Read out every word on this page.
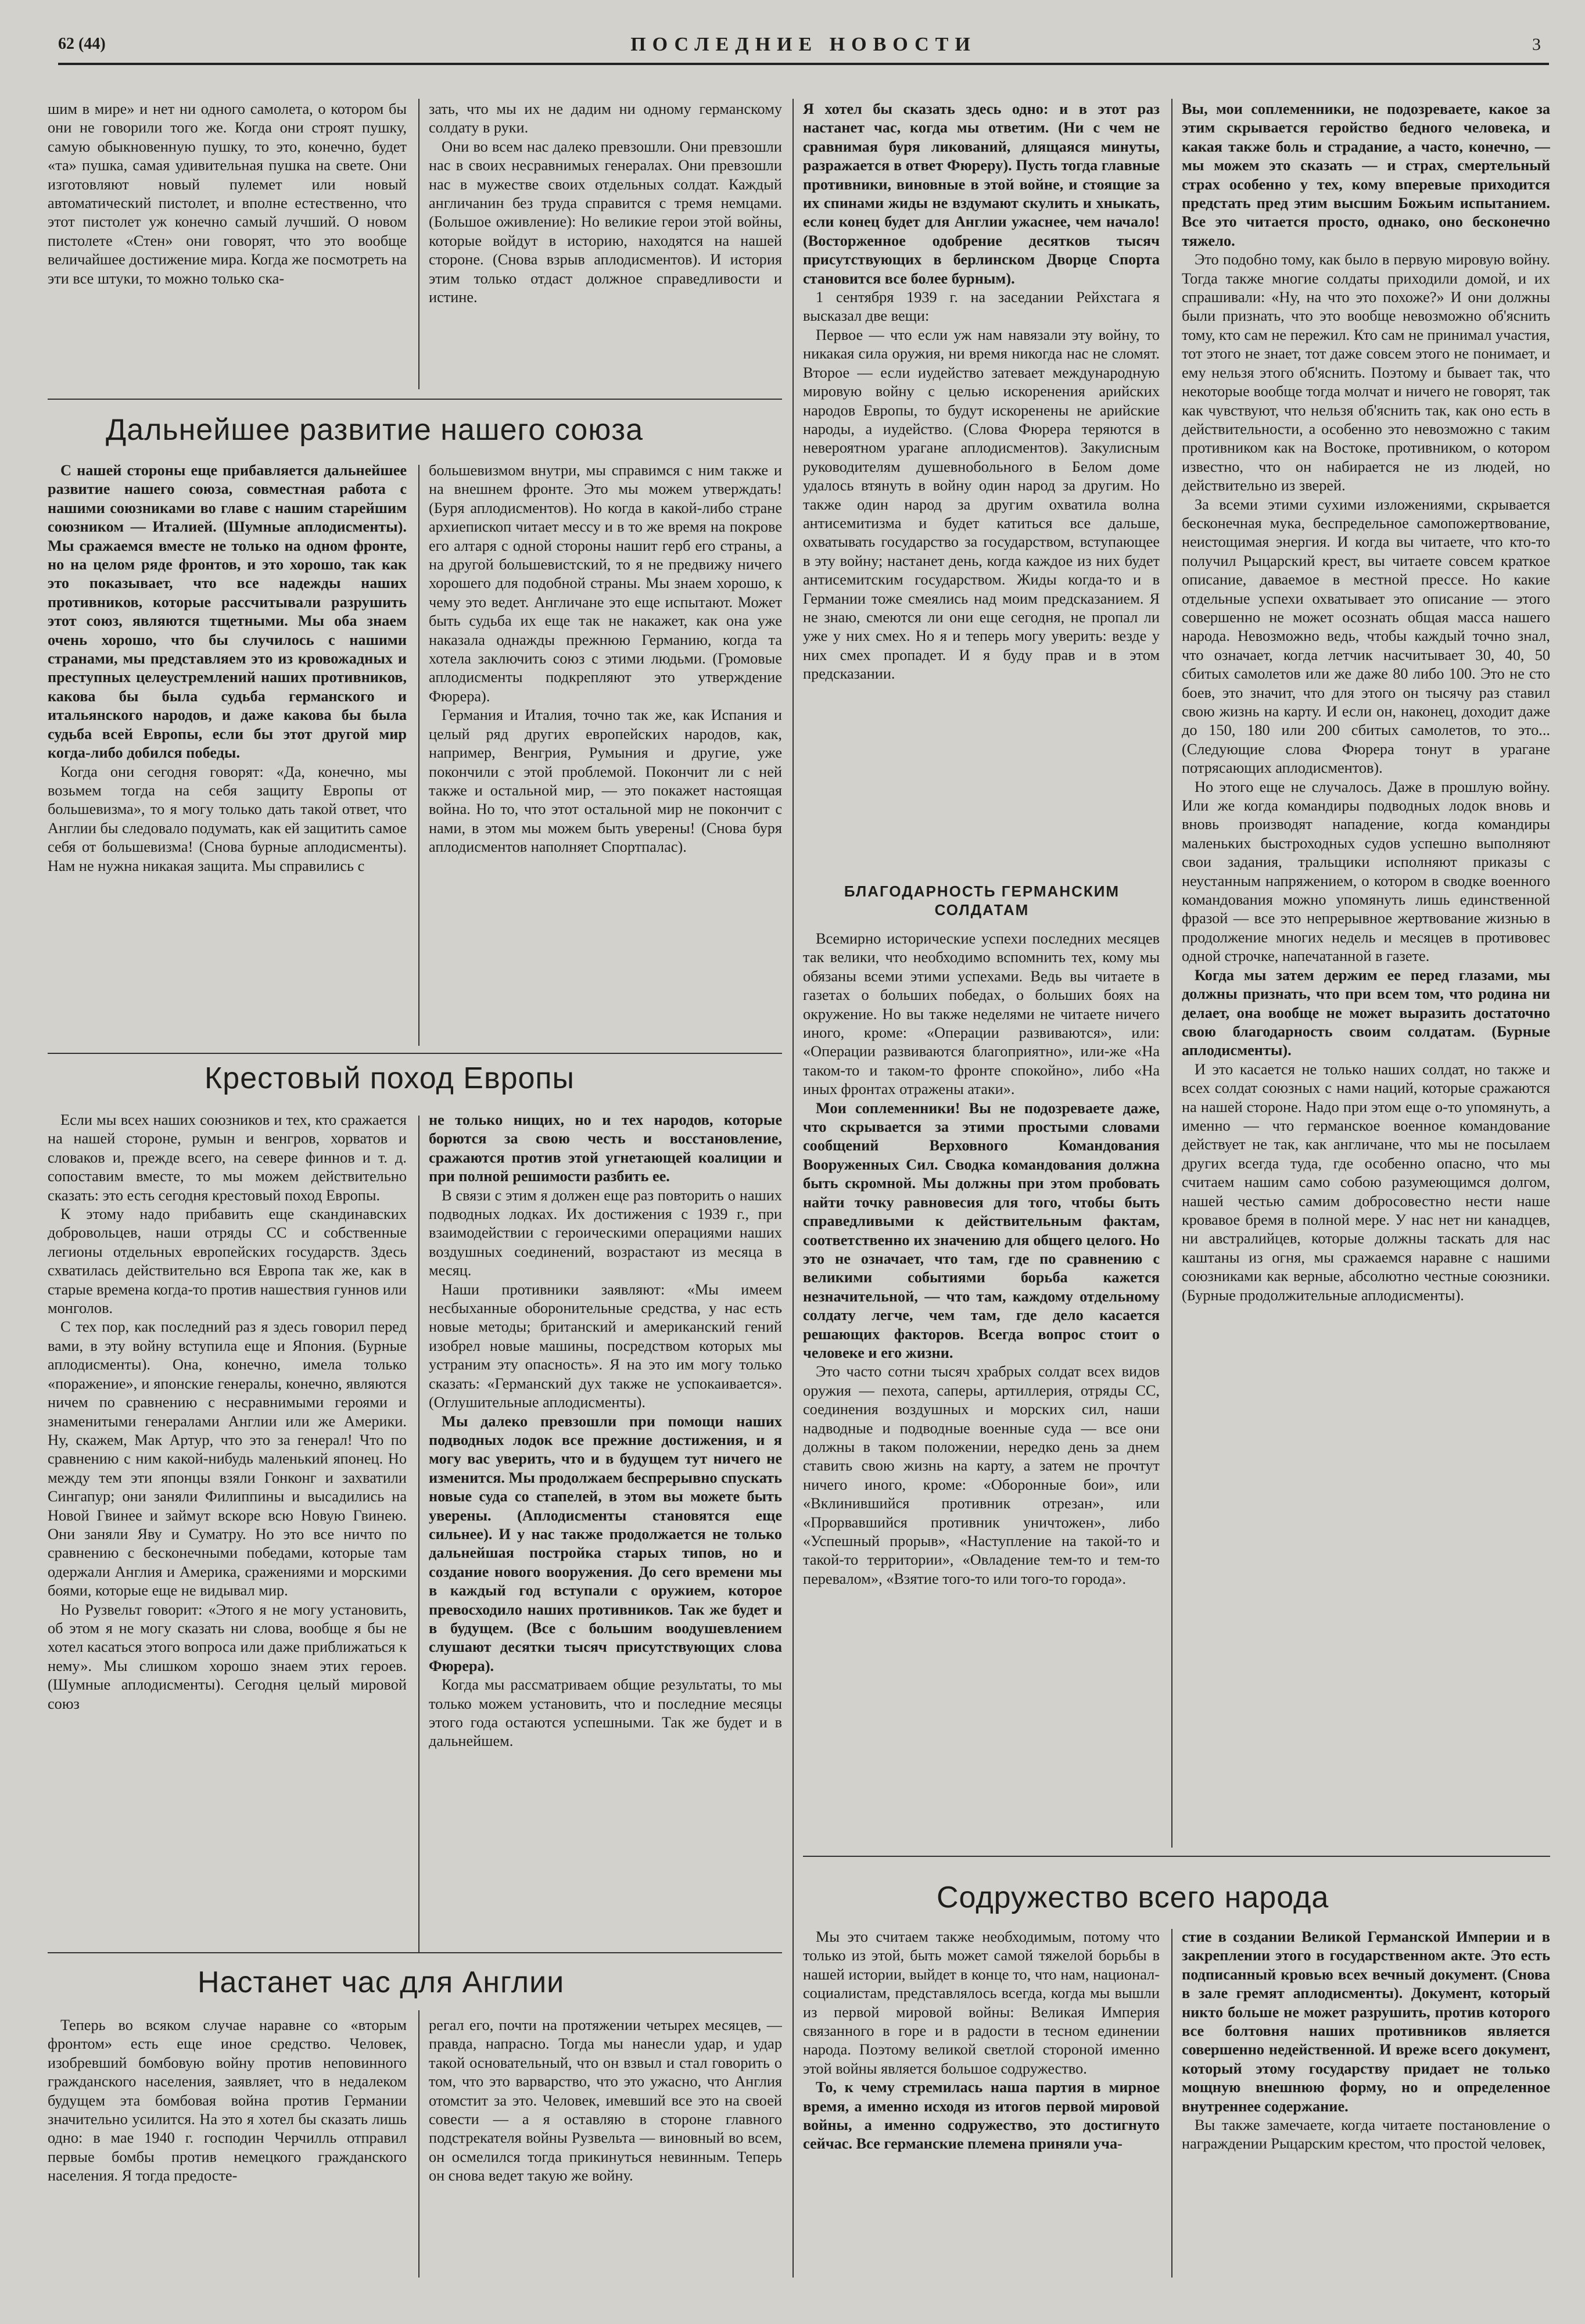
62 (44)	ПОСЛЕДНИЕ НОВОСТИ	3

шим в мире» и нет ни одного самолета, о котором бы они не говорили того же. Когда они строят пушку, самую обыкновенную пушку, то это, конечно, будет «та» пушка, самая удивительная пушка на свете. Они изготовляют новый пулемет или новый автоматический пистолет, и вполне естественно, что этот пистолет уж конечно самый лучший. О новом пистолете «Стен» они говорят, что это вообще величайшее достижение мира. Когда же посмотреть на эти все штуки, то можно только ска-

зать, что мы их не дадим ни одному германскому солдату в руки.

Они во всем нас далеко превзошли. Они превзошли нас в своих несравнимых генералах. Они превзошли нас в мужестве своих отдельных солдат. Каждый англичанин без труда справится с тремя немцами. (Большое оживление): Но великие герои этой войны, которые войдут в историю, находятся на нашей стороне. (Снова взрыв аплодисментов). И история этим только отдаст должное справедливости и истине.

Дальнейшее развитие нашего союза

С нашей стороны еще прибавляется дальнейшее развитие нашего союза, совместная работа с нашими союзниками во главе с нашим старейшим союзником — Италией. (Шумные аплодисменты). Мы сражаемся вместе не только на одном фронте, но на целом ряде фронтов, и это хорошо, так как это показывает, что все надежды наших противников, которые рассчитывали разрушить этот союз, являются тщетными. Мы оба знаем очень хорошо, что бы случилось с нашими странами, мы представляем это из кровожадных и преступных целеустремлений наших противников, какова бы была судьба германского и итальянского народов, и даже какова бы была судьба всей Европы, если бы этот другой мир когда-либо добился победы.

Когда они сегодня говорят: «Да, конечно, мы возьмем тогда на себя защиту Европы от большевизма», то я могу только дать такой ответ, что Англии бы следовало подумать, как ей защитить самое себя от большевизма! (Снова бурные аплодисменты). Нам не нужна никакая защита. Мы справились с

большевизмом внутри, мы справимся с ним также и на внешнем фронте. Это мы можем утверждать! (Буря аплодисментов). Но когда в какой-либо стране архиепископ читает мессу и в то же время на покрове его алтаря с одной стороны нашит герб его страны, а на другой большевистский, то я не предвижу ничего хорошего для подобной страны. Мы знаем хорошо, к чему это ведет. Англичане это еще испытают. Может быть судьба их еще так не накажет, как она уже наказала однажды прежнюю Германию, когда та хотела заключить союз с этими людьми. (Громовые аплодисменты подкрепляют это утверждение Фюрера).

Германия и Италия, точно так же, как Испания и целый ряд других европейских народов, как, например, Венгрия, Румыния и другие, уже покончили с этой проблемой. Покончит ли с ней также и остальной мир, — это покажет настоящая война. Но то, что этот остальной мир не покончит с нами, в этом мы можем быть уверены! (Снова буря аплодисментов наполняет Спортпалас).

Крестовый поход Европы

Если мы всех наших союзников и тех, кто сражается на нашей стороне, румын и венгров, хорватов и словаков и, прежде всего, на севере финнов и т. д. сопоставим вместе, то мы можем действительно сказать: это есть сегодня крестовый поход Европы.

К этому надо прибавить еще скандинавских добровольцев, наши отряды СС и собственные легионы отдельных европейских государств. Здесь схватилась действительно вся Европа так же, как в старые времена когда-то против нашествия гуннов или монголов.

С тех пор, как последний раз я здесь говорил перед вами, в эту войну вступила еще и Япония. (Бурные аплодисменты). Она, конечно, имела только «поражение», и японские генералы, конечно, являются ничем по сравнению с несравнимыми героями и знаменитыми генералами Англии или же Америки. Ну, скажем, Мак Артур, что это за генерал! Что по сравнению с ним какой-нибудь маленький японец. Но между тем эти японцы взяли Гонконг и захватили Сингапур; они заняли Филиппины и высадились на Новой Гвинее и займут вскоре всю Новую Гвинею. Они заняли Яву и Суматру. Но это все ничто по сравнению с бесконечными победами, которые там одержали Англия и Америка, сражениями и морскими боями, которые еще не видывал мир.

Но Рузвельт говорит: «Этого я не могу установить, об этом я не могу сказать ни слова, вообще я бы не хотел касаться этого вопроса или даже приближаться к нему». Мы слишком хорошо знаем этих героев. (Шумные аплодисменты). Сегодня целый мировой союз

не только нищих, но и тех народов, которые борются за свою честь и восстановление, сражаются против этой угнетающей коалиции и при полной решимости разбить ее.

В связи с этим я должен еще раз повторить о наших подводных лодках. Их достижения с 1939 г., при взаимодействии с героическими операциями наших воздушных соединений, возрастают из месяца в месяц.

Наши противники заявляют: «Мы имеем несбыханные оборонительные средства, у нас есть новые методы; британский и американский гений изобрел новые машины, посредством которых мы устраним эту опасность». Я на это им могу только сказать: «Германский дух также не успокаивается». (Оглушительные аплодисменты).

Мы далеко превзошли при помощи наших подводных лодок все прежние достижения, и я могу вас уверить, что и в будущем тут ничего не изменится. Мы продолжаем беспрерывно спускать новые суда со стапелей, в этом вы можете быть уверены. (Аплодисменты становятся еще сильнее). И у нас также продолжается не только дальнейшая постройка старых типов, но и создание нового вооружения. До сего времени мы в каждый год вступали с оружием, которое превосходило наших противников. Так же будет и в будущем. (Все с большим воодушевлением слушают десятки тысяч присутствующих слова Фюрера).

Когда мы рассматриваем общие результаты, то мы только можем установить, что и последние месяцы этого года остаются успешными. Так же будет и в дальнейшем.

Настанет час для Англии

Теперь во всяком случае наравне со «вторым фронтом» есть еще иное средство. Человек, изобревший бомбовую войну против неповинного гражданского населения, заявляет, что в недалеком будущем эта бомбовая война против Германии значительно усилится. На это я хотел бы сказать лишь одно: в мае 1940 г. господин Черчилль отправил первые бомбы против немецкого гражданского населения. Я тогда предосте-

регал его, почти на протяжении четырех месяцев, — правда, напрасно. Тогда мы нанесли удар, и удар такой основательный, что он взвыл и стал говорить о том, что это варварство, что это ужасно, что Англия отомстит за это. Человек, имевший все это на своей совести — а я оставляю в стороне главного подстрекателя войны Рузвельта — виновный во всем, он осмелился тогда прикинуться невинным. Теперь он снова ведет такую же войну.

Я хотел бы сказать здесь одно: и в этот раз настанет час, когда мы ответим. (Ни с чем не сравнимая буря ликований, длящаяся минуты, разражается в ответ Фюреру). Пусть тогда главные противники, виновные в этой войне, и стоящие за их спинами жиды не вздумают скулить и хныкать, если конец будет для Англии ужаснее, чем начало! (Восторженное одобрение десятков тысяч присутствующих в берлинском Дворце Спорта становится все более бурным).

1 сентября 1939 г. на заседании Рейхстага я высказал две вещи:

Первое — что если уж нам навязали эту войну, то никакая сила оружия, ни время никогда нас не сломят. Второе — если иудейство затевает международную мировую войну с целью искоренения арийских народов Европы, то будут искоренены не арийские народы, а иудейство. (Слова Фюрера теряются в невероятном урагане аплодисментов). Закулисным руководителям душевнобольного в Белом доме удалось втянуть в войну один народ за другим. Но также один народ за другим охватила волна антисемитизма и будет катиться все дальше, охватывать государство за государством, вступающее в эту войну; настанет день, когда каждое из них будет антисемитским государством. Жиды когда-то и в Германии тоже смеялись над моим предсказанием. Я не знаю, смеются ли они еще сегодня, не пропал ли уже у них смех. Но я и теперь могу уверить: везде у них смех пропадет. И я буду прав и в этом предсказании.

БЛАГОДАРНОСТЬ ГЕРМАНСКИМ СОЛДАТАМ

Всемирно исторические успехи последних месяцев так велики, что необходимо вспомнить тех, кому мы обязаны всеми этими успехами. Ведь вы читаете в газетах о больших победах, о больших боях на окружение. Но вы также неделями не читаете ничего иного, кроме: «Операции развиваются», или: «Операции развиваются благоприятно», или-же «На таком-то и таком-то фронте спокойно», либо «На иных фронтах отражены атаки».

Мои соплеменники! Вы не подозреваете даже, что скрывается за этими простыми словами сообщений Верховного Командования Вооруженных Сил. Сводка командования должна быть скромной. Мы должны при этом пробовать найти точку равновесия для того, чтобы быть справедливыми к действительным фактам, соответственно их значению для общего целого. Но это не означает, что там, где по сравнению с великими событиями борьба кажется незначительной, — что там, каждому отдельному солдату легче, чем там, где дело касается решающих факторов. Всегда вопрос стоит о человеке и его жизни.

Это часто сотни тысяч храбрых солдат всех видов оружия — пехота, саперы, артиллерия, отряды СС, соединения воздушных и морских сил, наши надводные и подводные военные суда — все они должны в таком положении, нередко день за днем ставить свою жизнь на карту, а затем не прочтут ничего иного, кроме: «Оборонные бои», или «Вклинившийся противник отрезан», или «Прорвавшийся противник уничтожен», либо «Успешный прорыв», «Наступление на такой-то и такой-то территории», «Овладение тем-то и тем-то перевалом», «Взятие того-то или того-то города».

Вы, мои соплеменники, не подозреваете, какое за этим скрывается геройство бедного человека, и какая также боль и страдание, а часто, конечно, — мы можем это сказать — и страх, смертельный страх особенно у тех, кому вперевые приходится предстать пред этим высшим Божьим испытанием. Все это читается просто, однако, оно бесконечно тяжело.

Это подобно тому, как было в первую мировую войну. Тогда также многие солдаты приходили домой, и их спрашивали: «Ну, на что это похоже?» И они должны были признать, что это вообще невозможно об'яснить тому, кто сам не пережил. Кто сам не принимал участия, тот этого не знает, тот даже совсем этого не понимает, и ему нельзя этого об'яснить. Поэтому и бывает так, что некоторые вообще тогда молчат и ничего не говорят, так как чувствуют, что нельзя об'яснить так, как оно есть в действительности, а особенно это невозможно с таким противником как на Востоке, противником, о котором известно, что он набирается не из людей, но действительно из зверей.

За всеми этими сухими изложениями, скрывается бесконечная мука, беспредельное самопожертвование, неистощимая энергия. И когда вы читаете, что кто-то получил Рыцарский крест, вы читаете совсем краткое описание, даваемое в местной прессе. Но какие отдельные успехи охватывает это описание — этого совершенно не может осознать общая масса нашего народа. Невозможно ведь, чтобы каждый точно знал, что означает, когда летчик насчитывает 30, 40, 50 сбитых самолетов или же даже 80 либо 100. Это не сто боев, это значит, что для этого он тысячу раз ставил свою жизнь на карту. И если он, наконец, доходит даже до 150, 180 или 200 сбитых самолетов, то это... (Следующие слова Фюрера тонут в урагане потрясающих аплодисментов).

Но этого еще не случалось. Даже в прошлую войну. Или же когда командиры подводных лодок вновь и вновь производят нападение, когда командиры маленьких быстроходных судов успешно выполняют свои задания, тральщики исполняют приказы с неустанным напряжением, о котором в сводке военного командования можно упомянуть лишь единственной фразой — все это непрерывное жертвование жизнью в продолжение многих недель и месяцев в противовес одной строчке, напечатанной в газете.

Когда мы затем держим ее перед глазами, мы должны признать, что при всем том, что родина ни делает, она вообще не может выразить достаточно свою благодарность своим солдатам. (Бурные аплодисменты).

И это касается не только наших солдат, но также и всех солдат союзных с нами наций, которые сражаются на нашей стороне. Надо при этом еще о-то упомянуть, а именно — что германское военное командование действует не так, как англичане, что мы не посылаем других всегда туда, где особенно опасно, что мы считаем нашим само собою разумеющимся долгом, нашей честью самим добросовестно нести наше кровавое бремя в полной мере. У нас нет ни канадцев, ни австралийцев, которые должны таскать для нас каштаны из огня, мы сражаемся наравне с нашими союзниками как верные, абсолютно честные союзники. (Бурные продолжительные аплодисменты).

Содружество всего народа

Мы это считаем также необходимым, потому что только из этой, быть может самой тяжелой борьбы в нашей истории, выйдет в конце то, что нам, национал-социалистам, представлялось всегда, когда мы вышли из первой мировой войны: Великая Империя связанного в горе и в радости в тесном единении народа. Поэтому великой светлой стороной именно этой войны является большое содружество.

То, к чему стремилась наша партия в мирное время, а именно исходя из итогов первой мировой войны, а именно содружество, это достигнуто сейчас. Все германские племена приняли уча-

стие в создании Великой Германской Империи и в закреплении этого в государственном акте. Это есть подписанный кровью всех вечный документ. (Снова в зале гремят аплодисменты). Документ, который никто больше не может разрушить, против которого все болтовня наших противников является совершенно недейственной. И вреже всего документ, который этому государству придает не только мощную внешнюю форму, но и определенное внутреннее содержание.

Вы также замечаете, когда читаете постановление о награждении Рыцарским крестом, что простой человек,
